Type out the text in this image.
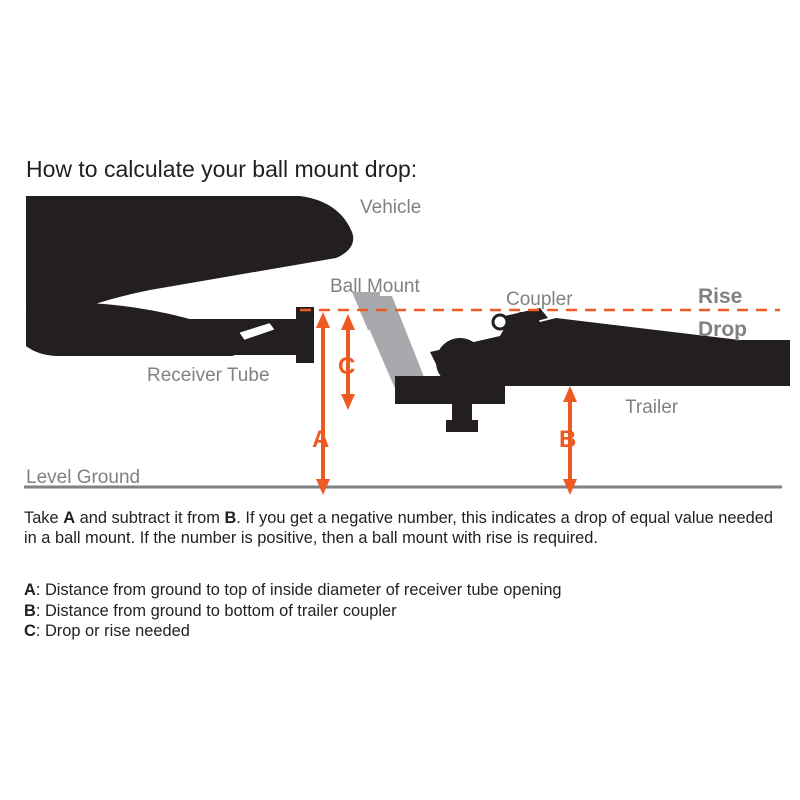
How to calculate your ball mount drop:
A
C
B
Vehicle
Ball Mount
Coupler
Receiver Tube
Trailer
Level Ground
Rise
Drop
Take A and subtract it from B. If you get a negative number, this indicates a drop of equal value needed in a ball mount. If the number is positive, then a ball mount with rise is required.
A: Distance from ground to top of inside diameter of receiver tube opening
B: Distance from ground to bottom of trailer coupler
C: Drop or rise needed
